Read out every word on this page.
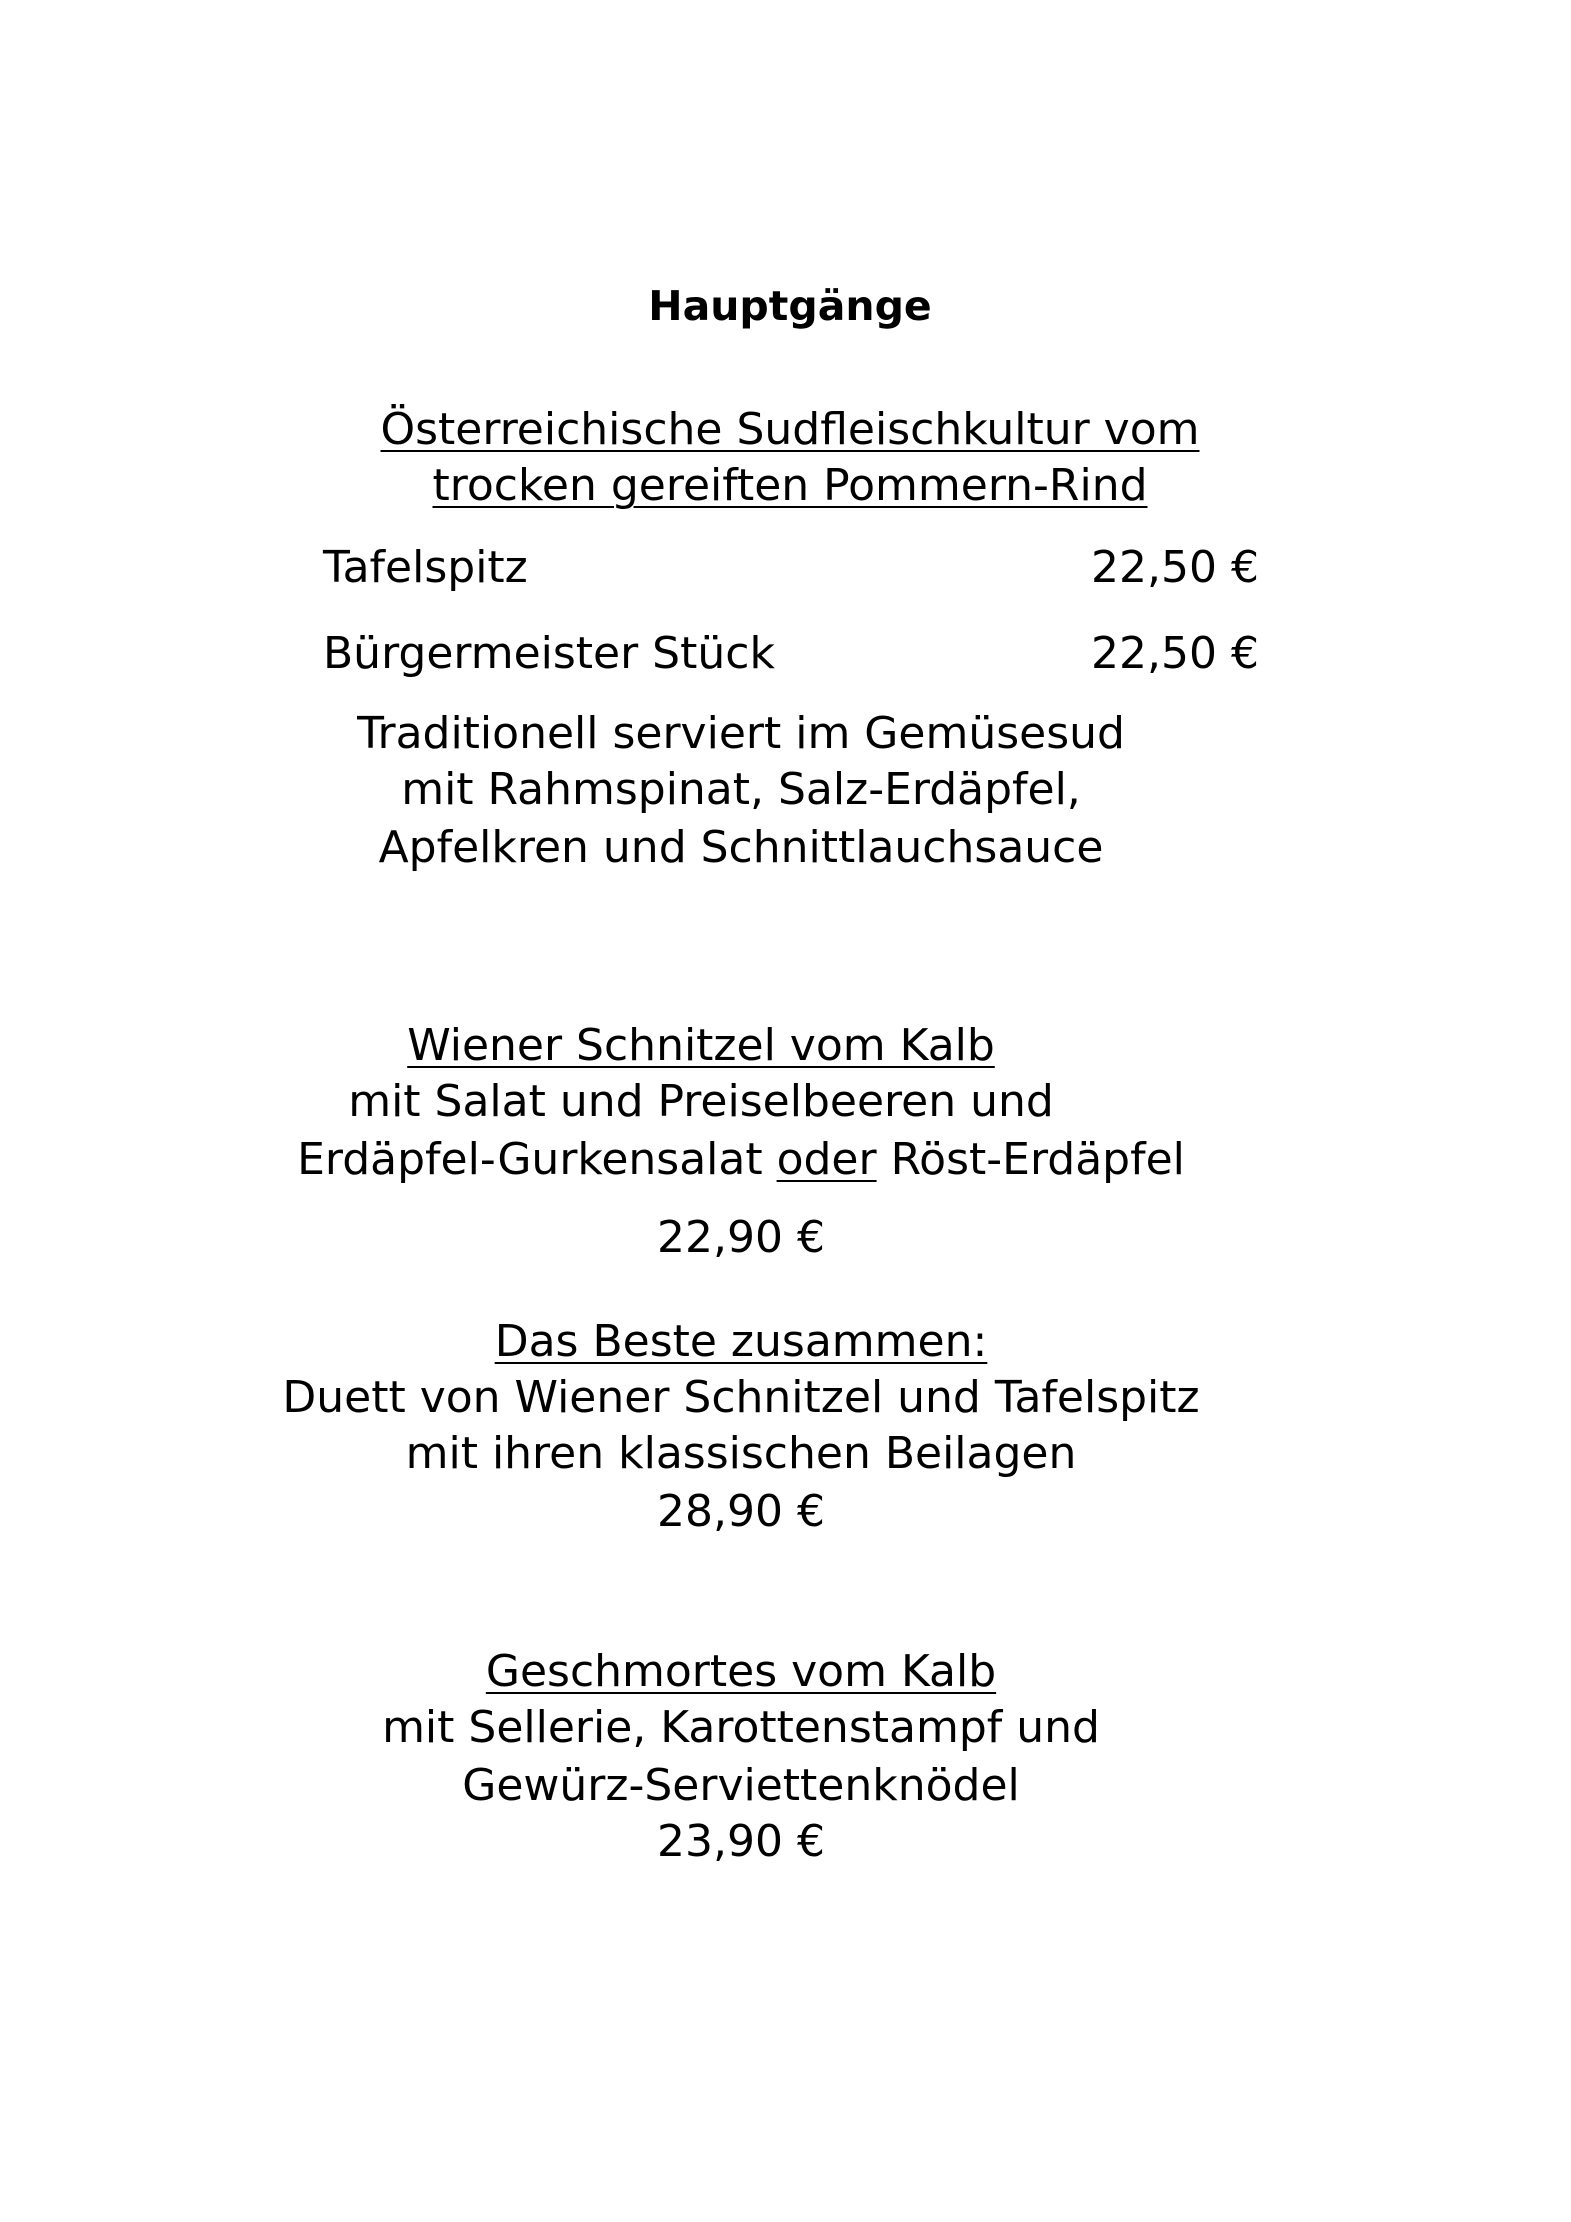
Hauptgänge
Österreichische Sudfleischkultur vom
trocken gereiften Pommern-Rind
Tafelspitz	22,50 €
Bürgermeister Stück	22,50 €
Traditionell serviert im Gemüsesud
mit Rahmspinat, Salz-Erdäpfel,
Apfelkren und Schnittlauchsauce
Wiener Schnitzel vom Kalb
mit Salat und Preiselbeeren und
Erdäpfel-Gurkensalat oder Röst-Erdäpfel
22,90 €
Das Beste zusammen:
Duett von Wiener Schnitzel und Tafelspitz
mit ihren klassischen Beilagen
28,90 €
Geschmortes vom Kalb
mit Sellerie, Karottenstampf und
Gewürz-Serviettenknödel
23,90 €
